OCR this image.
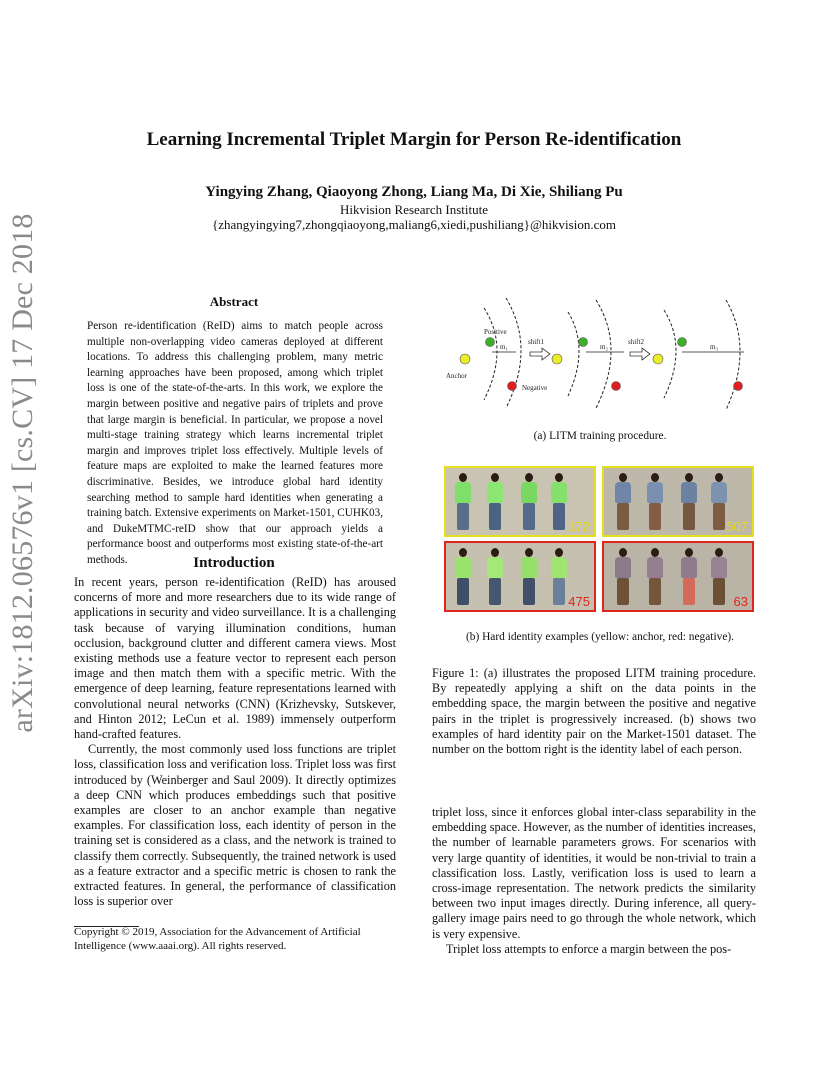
arXiv:1812.06576v1 [cs.CV] 17 Dec 2018
Learning Incremental Triplet Margin for Person Re-identification
Yingying Zhang, Qiaoyong Zhong, Liang Ma, Di Xie, Shiliang Pu
Hikvision Research Institute
{zhangyingying7,zhongqiaoyong,maliang6,xiedi,pushiliang}@hikvision.com
Abstract
Person re-identification (ReID) aims to match people across multiple non-overlapping video cameras deployed at different locations. To address this challenging problem, many metric learning approaches have been proposed, among which triplet loss is one of the state-of-the-arts. In this work, we explore the margin between positive and negative pairs of triplets and prove that large margin is beneficial. In particular, we propose a novel multi-stage training strategy which learns incremental triplet margin and improves triplet loss effectively. Multiple levels of feature maps are exploited to make the learned features more discriminative. Besides, we introduce global hard identity searching method to sample hard identities when generating a training batch. Extensive experiments on Market-1501, CUHK03, and DukeMTMC-reID show that our approach yields a performance boost and outperforms most existing state-of-the-art methods.	Introduction

In recent years, person re-identification (ReID) has aroused concerns of more and more researchers due to its wide range of applications in security and video surveillance. It is a challenging task because of varying illumination conditions, human occlusion, background clutter and different camera views. Most existing methods use a feature vector to represent each person image and then match them with a specific metric. With the emergence of deep learning, feature representations learned with convolutional neural networks (CNN) (Krizhevsky, Sutskever, and Hinton 2012; LeCun et al. 1989) immensely outperform hand-crafted features.

Currently, the most commonly used loss functions are triplet loss, classification loss and verification loss. Triplet loss was first introduced by (Weinberger and Saul 2009). It directly optimizes a deep CNN which produces embeddings such that positive examples are closer to an anchor example than negative examples. For classification loss, each identity of person in the training set is considered as a class, and the network is trained to classify them correctly. Subsequently, the trained network is used as a feature extractor and a specific metric is chosen to rank the extracted features. In general, the performance of classification loss is superior over

Copyright © 2019, Association for the Advancement of Artificial Intelligence (www.aaai.org). All rights reserved.
Positive
Negative
Anchor
shift1	shift2
m₁	m₂	m₃
(a) LITM training procedure.
172	507
475	63
(b) Hard identity examples (yellow: anchor, red: negative).

Figure 1: (a) illustrates the proposed LITM training procedure. By repeatedly applying a shift on the data points in the embedding space, the margin between the positive and negative pairs in the triplet is progressively increased. (b) shows two examples of hard identity pair on the Market-1501 dataset. The number on the bottom right is the identity label of each person.

triplet loss, since it enforces global inter-class separability in the embedding space. However, as the number of identities increases, the number of learnable parameters grows. For scenarios with very large quantity of identities, it would be non-trivial to train a classification loss. Lastly, verification loss is used to learn a cross-image representation. The network predicts the similarity between two input images directly. During inference, all query-gallery image pairs need to go through the whole network, which is very expensive.

Triplet loss attempts to enforce a margin between the pos-
